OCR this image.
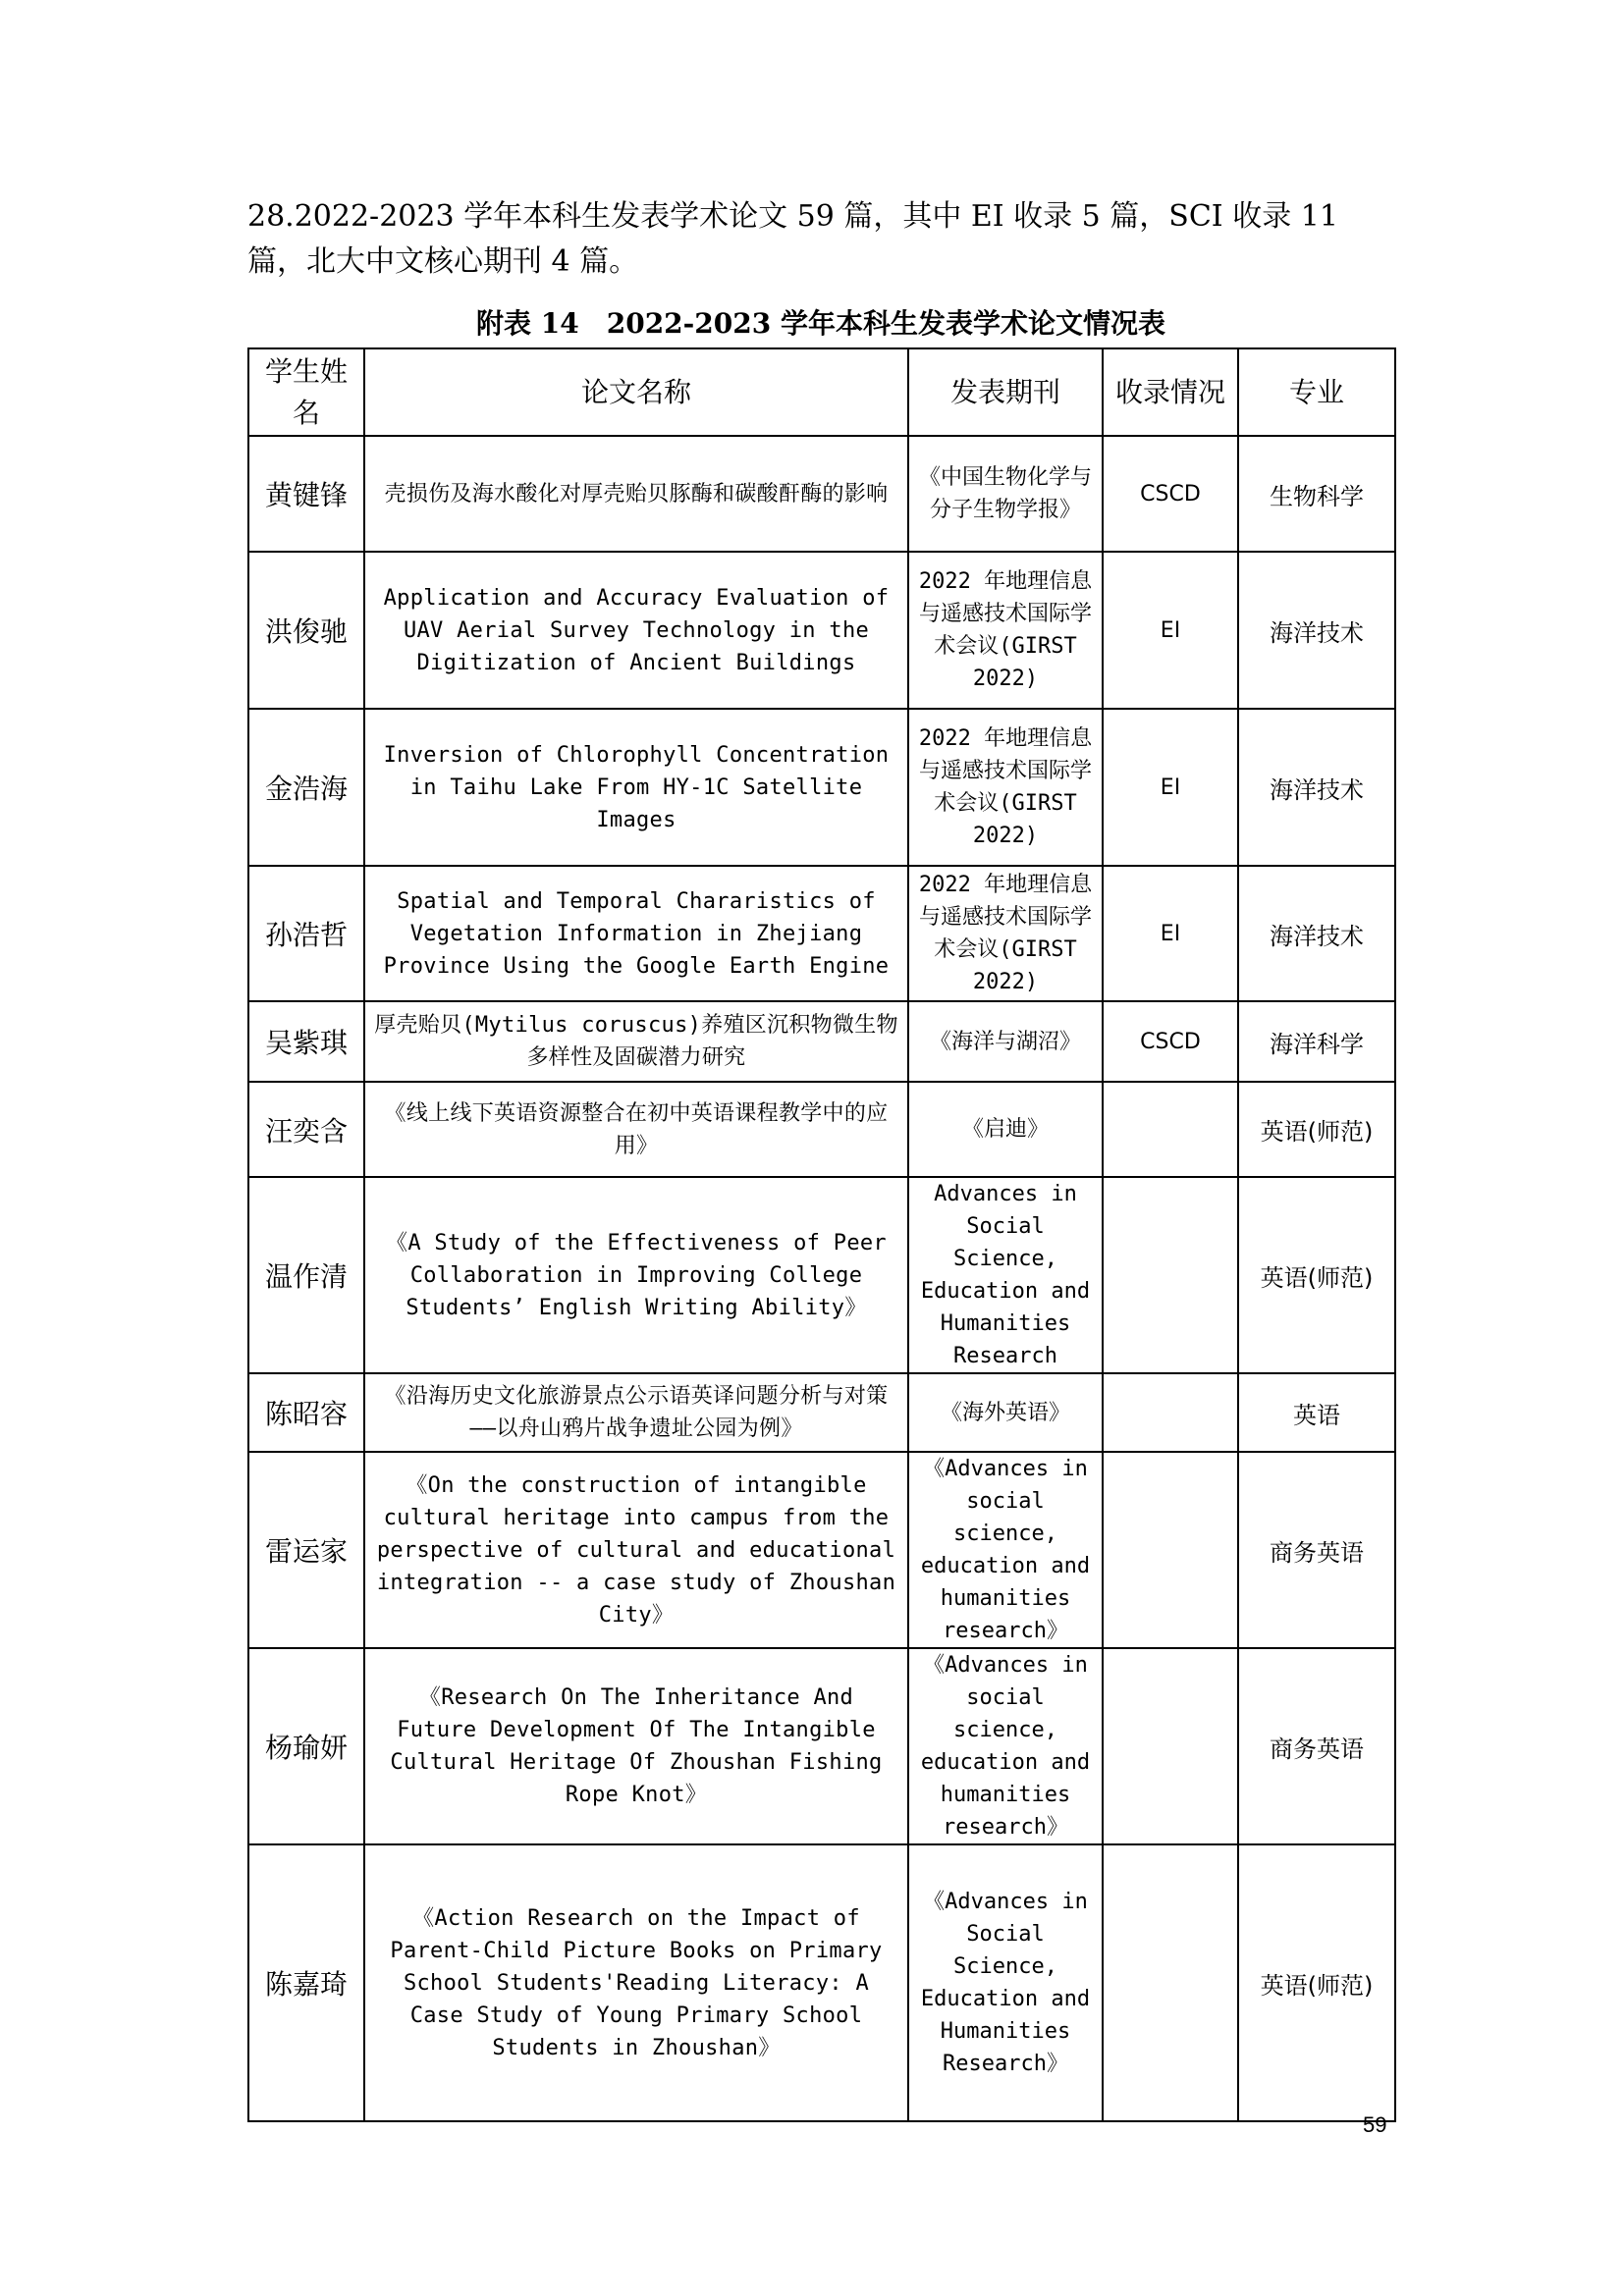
28.2022-2023 学年本科生发表学术论文 59 篇，其中 EI 收录 5 篇，SCI 收录 11 篇，北大中文核心期刊 4 篇。

附表 14　2022-2023 学年本科生发表学术论文情况表

学生姓名	论文名称	发表期刊	收录情况	专业
黄键锋	壳损伤及海水酸化对厚壳贻贝豚酶和碳酸酐酶的影响	《中国生物化学与分子生物学报》	CSCD	生物科学
洪俊驰	Application and Accuracy Evaluation of UAV Aerial Survey Technology in the Digitization of Ancient Buildings	2022 年地理信息与遥感技术国际学术会议(GIRST 2022)	EI	海洋技术
金浩海	Inversion of Chlorophyll Concentration in Taihu Lake From HY-1C Satellite Images	2022 年地理信息与遥感技术国际学术会议(GIRST 2022)	EI	海洋技术
孙浩哲	Spatial and Temporal Chararistics of Vegetation Information in Zhejiang Province Using the Google Earth Engine	2022 年地理信息与遥感技术国际学术会议(GIRST 2022)	EI	海洋技术
吴紫琪	厚壳贻贝(Mytilus coruscus)养殖区沉积物微生物多样性及固碳潜力研究	《海洋与湖沼》	CSCD	海洋科学
汪奕含	《线上线下英语资源整合在初中英语课程教学中的应用》	《启迪》		英语(师范)
温作清	《A Study of the Effectiveness of Peer Collaboration in Improving College Students’ English Writing Ability》	Advances in Social Science, Education and Humanities Research		英语(师范)
陈昭容	《沿海历史文化旅游景点公示语英译问题分析与对策 ——以舟山鸦片战争遗址公园为例》	《海外英语》		英语
雷运家	《On the construction of intangible cultural heritage into campus from the perspective of cultural and educational integration -- a case study of Zhoushan City》	《Advances in social science, education and humanities research》		商务英语
杨瑜妍	《Research On The Inheritance And Future Development Of The Intangible Cultural Heritage Of Zhoushan Fishing Rope Knot》	《Advances in social science, education and humanities research》		商务英语
陈嘉琦	《Action Research on the Impact of Parent-Child Picture Books on Primary School Students'Reading Literacy: A Case Study of Young Primary School Students in Zhoushan》	《Advances in Social Science, Education and Humanities Research》		英语(师范)
59
